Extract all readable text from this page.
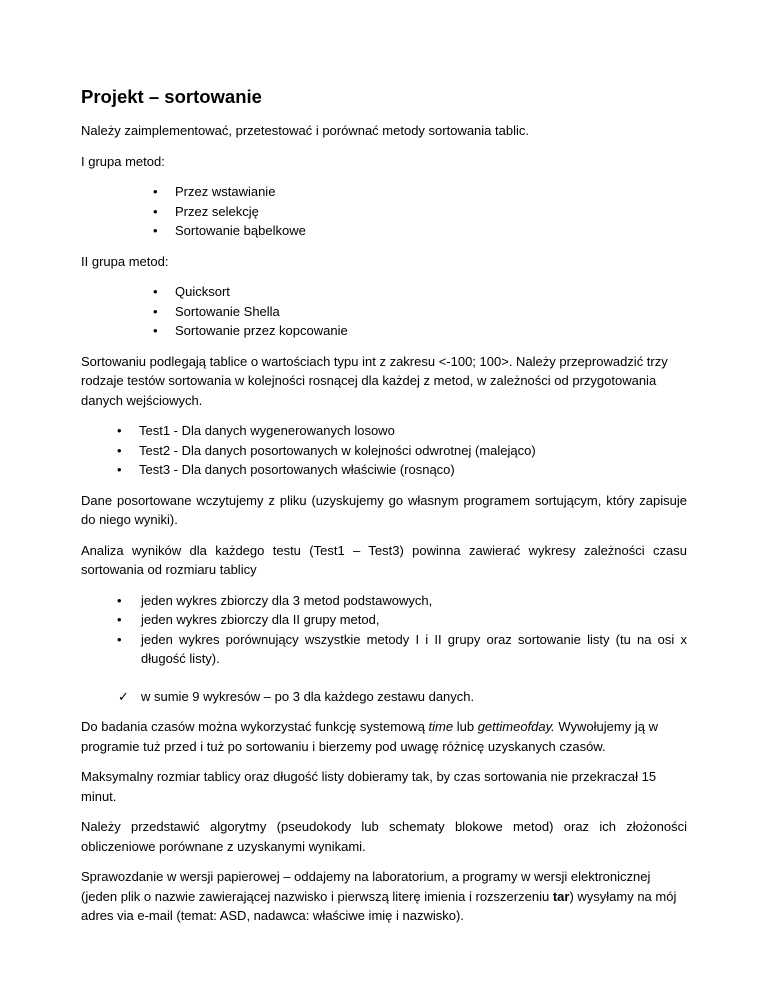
Projekt – sortowanie

Należy zaimplementować, przetestować i porównać metody sortowania tablic.

I grupa metod:

• Przez wstawianie
• Przez selekcję
• Sortowanie bąbelkowe

II grupa metod:

• Quicksort
• Sortowanie Shella
• Sortowanie przez kopcowanie

Sortowaniu podlegają tablice o wartościach typu int z zakresu <-100; 100>. Należy przeprowadzić trzy rodzaje testów sortowania w kolejności rosnącej dla każdej z metod, w zależności od przygotowania danych wejściowych.

• Test1 - Dla danych wygenerowanych losowo
• Test2 - Dla danych posortowanych w kolejności odwrotnej (malejąco)
• Test3 - Dla danych posortowanych właściwie (rosnąco)

Dane posortowane wczytujemy z pliku (uzyskujemy go własnym programem sortującym, który zapisuje do niego wyniki).

Analiza wyników dla każdego testu (Test1 – Test3) powinna zawierać wykresy zależności czasu sortowania od rozmiaru tablicy

• jeden wykres zbiorczy dla 3 metod podstawowych,
• jeden wykres zbiorczy dla II grupy metod,
• jeden wykres porównujący wszystkie metody I i II grupy oraz sortowanie listy (tu na osi x długość listy).
✓ w sumie 9 wykresów – po 3 dla każdego zestawu danych.

Do badania czasów można wykorzystać funkcję systemową time lub gettimeofday. Wywołujemy ją w programie tuż przed i tuż po sortowaniu i bierzemy pod uwagę różnicę uzyskanych czasów.

Maksymalny rozmiar tablicy oraz długość listy dobieramy tak, by czas sortowania nie przekraczał 15 minut.

Należy przedstawić algorytmy (pseudokody lub schematy blokowe metod) oraz ich złożoności obliczeniowe porównane z uzyskanymi wynikami.

Sprawozdanie w wersji papierowej – oddajemy na laboratorium, a programy w wersji elektronicznej (jeden plik o nazwie zawierającej nazwisko i pierwszą literę imienia i rozszerzeniu tar) wysyłamy na mój adres via e-mail (temat: ASD, nadawca: właściwe imię i nazwisko).
